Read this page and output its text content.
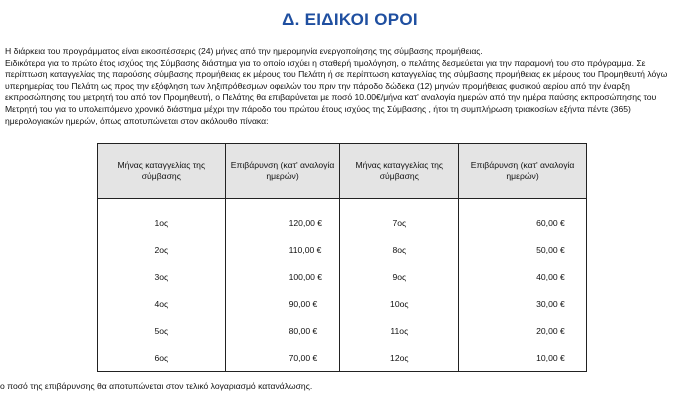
Δ. ΕΙΔΙΚΟΙ ΟΡΟΙ
Η διάρκεια του προγράμματος είναι εικοσιτέσσερις (24) μήνες από την ημερομηνία ενεργοποίησης της σύμβασης προμήθειας.
Ειδικότερα για το πρώτο έτος ισχύος της Σύμβασης διάστημα για το οποίο ισχύει η σταθερή τιμολόγηση, ο πελάτης δεσμεύεται για την παραμονή του στο πρόγραμμα. Σε
περίπτωση καταγγελίας της παρούσης σύμβασης προμήθειας εκ μέρους του Πελάτη ή σε περίπτωση καταγγελίας της σύμβασης προμήθειας εκ μέρους του Προμηθευτή λόγω
υπερημερίας του Πελάτη ως προς την εξόφληση των ληξιπρόθεσμων οφειλών του πριν την πάροδο δώδεκα (12) μηνών προμήθειας φυσικού αερίου από την έναρξη
εκπροσώπησης του μετρητή του από τον Προμηθευτή, ο Πελάτης θα επιβαρύνεται με ποσό 10.00€/μήνα κατ' αναλογία ημερών από την ημέρα παύσης εκπροσώπησης του
Μετρητή του για το υπολειπόμενο χρονικό διάστημα μέχρι την πάροδο του πρώτου έτους ισχύος της Σύμβασης , ήτοι τη συμπλήρωση τριακοσίων εξήντα πέντε (365)
ημερολογιακών ημερών, όπως αποτυπώνεται στον ακόλουθο πίνακα:
Μήνας καταγγελίας της σύμβασης	Επιβάρυνση (κατ' αναλογία ημερών)	Μήνας καταγγελίας της σύμβασης	Επιβάρυνση (κατ' αναλογία ημερών)
1ος	120,00 €	7ος	60,00 €
2ος	110,00 €	8ος	50,00 €
3ος	100,00 €	9ος	40,00 €
4ος	90,00 €	10ος	30,00 €
5ος	80,00 €	11ος	20,00 €
6ος	70,00 €	12ος	10,00 €
ο ποσό της επιβάρυνσης θα αποτυπώνεται στον τελικό λογαριασμό κατανάλωσης.
